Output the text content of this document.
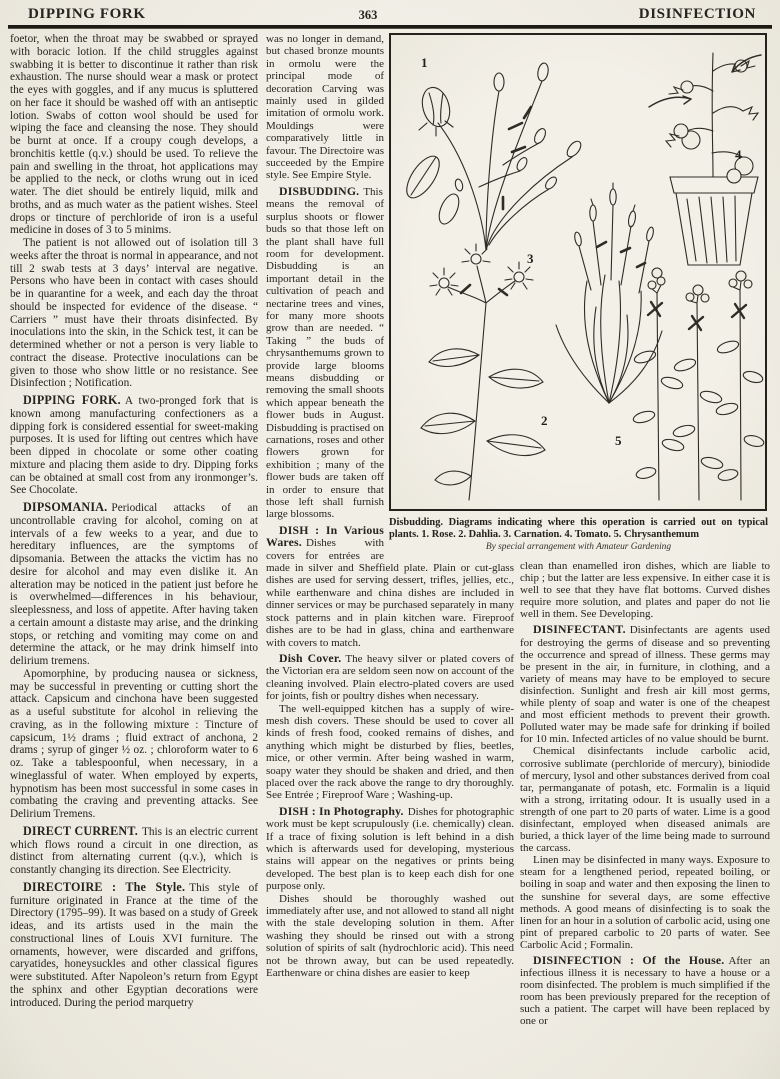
DIPPING FORK	363	DISINFECTION

foetor, when the throat may be swabbed or sprayed with boracic lotion. If the child struggles against swabbing it is better to discontinue it rather than risk exhaustion. The nurse should wear a mask or protect the eyes with goggles, and if any mucus is spluttered on her face it should be washed off with an antiseptic lotion. Swabs of cotton wool should be used for wiping the face and cleansing the nose. They should be burnt at once. If a croupy cough develops, a bronchitis kettle (q.v.) should be used. To relieve the pain and swelling in the throat, hot applications may be applied to the neck, or cloths wrung out in iced water. The diet should be entirely liquid, milk and broths, and as much water as the patient wishes. Steel drops or tincture of perchloride of iron is a useful medicine in doses of 3 to 5 minims.

The patient is not allowed out of isolation till 3 weeks after the throat is normal in appearance, and not till 2 swab tests at 3 days’ interval are negative. Persons who have been in contact with cases should be in quarantine for a week, and each day the throat should be inspected for evidence of the disease. “ Carriers ” must have their throats disinfected. By inoculations into the skin, in the Schick test, it can be determined whether or not a person is very liable to contract the disease. Protective inoculations can be given to those who show little or no resistance. See Disinfection ; Notification.

DIPPING FORK. A two-pronged fork that is known among manufacturing confectioners as a dipping fork is considered essential for sweet-making purposes. It is used for lifting out centres which have been dipped in chocolate or some other coating mixture and placing them aside to dry. Dipping forks can be obtained at small cost from any ironmonger’s. See Chocolate.

DIPSOMANIA. Periodical attacks of an uncontrollable craving for alcohol, coming on at intervals of a few weeks to a year, and due to hereditary influences, are the symptoms of dipsomania. Between the attacks the victim has no desire for alcohol and may even dislike it. An alteration may be noticed in the patient just before he is overwhelmed—differences in his behaviour, sleeplessness, and loss of appetite. After having taken a certain amount a distaste may arise, and the drinking stops, or retching and vomiting may come on and determine the attack, or he may drink himself into delirium tremens.

Apomorphine, by producing nausea or sickness, may be successful in preventing or cutting short the attack. Capsicum and cinchona have been suggested as a useful substitute for alcohol in relieving the craving, as in the following mixture : Tincture of capsicum, 1½ drams ; fluid extract of anchona, 2 drams ; syrup of ginger ½ oz. ; chloroform water to 6 oz. Take a tablespoonful, when necessary, in a wineglassful of water. When employed by experts, hypnotism has been most successful in some cases in combating the craving and preventing attacks. See Delirium Tremens.

DIRECT CURRENT. This is an electric current which flows round a circuit in one direction, as distinct from alternating current (q.v.), which is constantly changing its direction. See Electricity.

DIRECTOIRE : The Style. This style of furniture originated in France at the time of the Directory (1795–99). It was based on a study of Greek ideas, and its artists used in the main the constructional lines of Louis XVI furniture. The ornaments, however, were discarded and griffons, caryatides, honeysuckles and other classical figures were substituted. After Napoleon’s return from Egypt the sphinx and other Egyptian decorations were introduced. During the period marquetry

was no longer in demand, but chased bronze mounts in ormolu were the principal mode of decoration Carving was mainly used in gilded imitation of ormolu work. Mouldings were comparatively little in favour. The Directoire was succeeded by the Empire style. See Empire Style.

DISBUDDING. This means the removal of surplus shoots or flower buds so that those left on the plant shall have full room for development. Disbudding is an important detail in the cultivation of peach and nectarine trees and vines, for many more shoots grow than are needed. “ Taking ” the buds of chrysanthemums grown to provide large blooms means disbudding or removing the small shoots which appear beneath the flower buds in August. Disbudding is practised on carnations, roses and other flowers grown for exhibition ; many of the flower buds are taken off in order to ensure that those left shall furnish large blossoms.

DISH : In Various Wares. Dishes with covers for entrées are made in silver and Sheffield plate. Plain or cut-glass dishes are used for serving dessert, trifles, jellies, etc., while earthenware and china dishes are included in dinner services or may be purchased separately in many stock patterns and in plain kitchen ware. Fireproof dishes are to be had in glass, china and earthenware with covers to match.

Dish Cover. The heavy silver or plated covers of the Victorian era are seldom seen now on account of the cleaning involved. Plain electro-plated covers are used for joints, fish or poultry dishes when necessary.

The well-equipped kitchen has a supply of wire-mesh dish covers. These should be used to cover all kinds of fresh food, cooked remains of dishes, and anything which might be disturbed by flies, beetles, mice, or other vermin. After being washed in warm, soapy water they should be shaken and dried, and then placed over the rack above the range to dry thoroughly. See Entrée ; Fireproof Ware ; Washing-up.

DISH : In Photography. Dishes for photographic work must be kept scrupulously (i.e. chemically) clean. If a trace of fixing solution is left behind in a dish which is afterwards used for developing, mysterious stains will appear on the negatives or prints being developed. The best plan is to keep each dish for one purpose only.

Dishes should be thoroughly washed out immediately after use, and not allowed to stand all night with the stale developing solution in them. After washing they should be rinsed out with a strong solution of spirits of salt (hydrochloric acid). This need not be thrown away, but can be used repeatedly. Earthenware or china dishes are easier to keep

clean than enamelled iron dishes, which are liable to chip ; but the latter are less expensive. In either case it is well to see that they have flat bottoms. Curved dishes require more solution, and plates and paper do not lie well in them. See Developing.

DISINFECTANT. Disinfectants are agents used for destroying the germs of disease and so preventing the occurrence and spread of illness. These germs may be present in the air, in furniture, in clothing, and a variety of means may have to be employed to secure disinfection. Sunlight and fresh air kill most germs, while plenty of soap and water is one of the cheapest and most efficient methods to prevent their growth. Polluted water may be made safe for drinking if boiled for 10 min. Infected articles of no value should be burnt.

Chemical disinfectants include carbolic acid, corrosive sublimate (perchloride of mercury), biniodide of mercury, lysol and other substances derived from coal tar, permanganate of potash, etc. Formalin is a liquid with a strong, irritating odour. It is usually used in a strength of one part to 20 parts of water. Lime is a good disinfectant, employed when diseased animals are buried, a thick layer of the lime being made to surround the carcass.

Linen may be disinfected in many ways. Exposure to steam for a lengthened period, repeated boiling, or boiling in soap and water and then exposing the linen to the sunshine for several days, are some effective methods. A good means of disinfecting is to soak the linen for an hour in a solution of carbolic acid, using one pint of prepared carbolic to 20 parts of water. See Carbolic Acid ; Formalin.

DISINFECTION : Of the House. After an infectious illness it is necessary to have a house or a room disinfected. The problem is much simplified if the room has been previously prepared for the reception of such a patient. The carpet will have been replaced by one or

1
2
3
4
5
Disbudding. Diagrams indicating where this operation is carried out on typical plants. 1. Rose. 2. Dahlia. 3. Carnation. 4. Tomato. 5. Chrysanthemum
By special arrangement with Amateur Gardening
